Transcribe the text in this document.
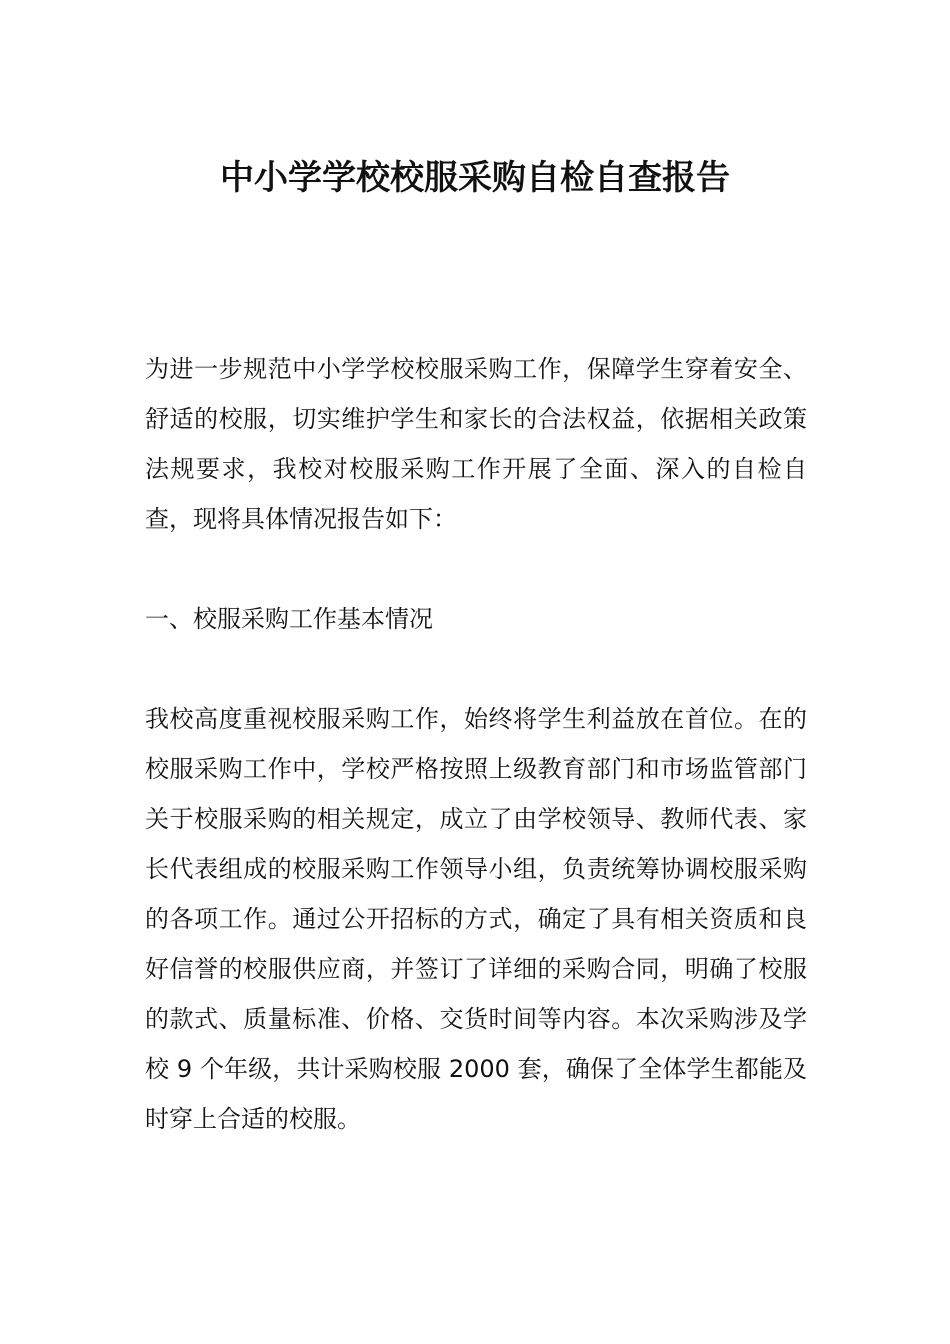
中小学学校校服采购自检自查报告

为进一步规范中小学学校校服采购工作，保障学生穿着安全、舒适的校服，切实维护学生和家长的合法权益，依据相关政策法规要求，我校对校服采购工作开展了全面、深入的自检自查，现将具体情况报告如下：

一、校服采购工作基本情况

我校高度重视校服采购工作，始终将学生利益放在首位。在的校服采购工作中，学校严格按照上级教育部门和市场监管部门关于校服采购的相关规定，成立了由学校领导、教师代表、家长代表组成的校服采购工作领导小组，负责统筹协调校服采购的各项工作。通过公开招标的方式，确定了具有相关资质和良好信誉的校服供应商，并签订了详细的采购合同，明确了校服的款式、质量标准、价格、交货时间等内容。本次采购涉及学校 9 个年级，共计采购校服 2000 套，确保了全体学生都能及时穿上合适的校服。
